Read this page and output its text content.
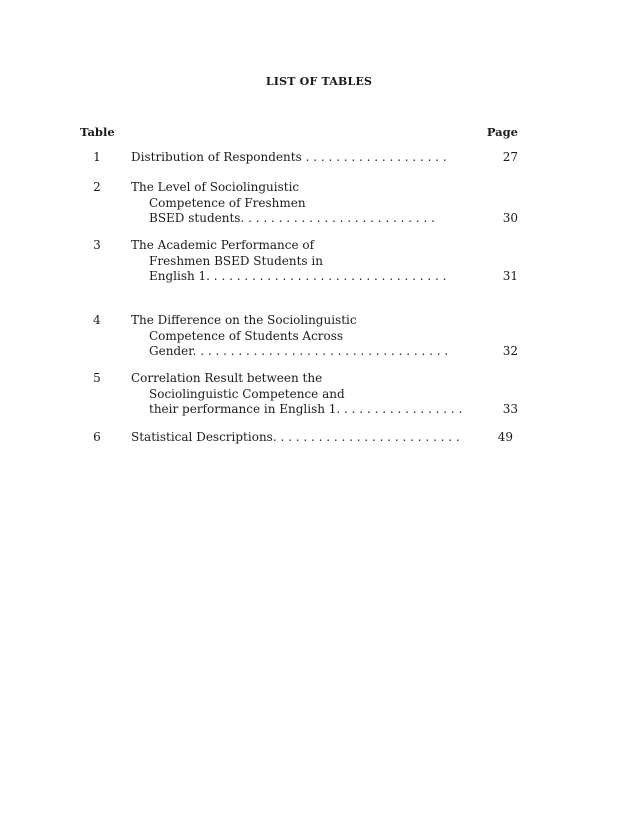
LIST OF TABLES
Table	Page
1	Distribution of Respondents . . . . . . . . . . . . . . . . . . .	27
2	The Level of Sociolinguistic
Competence of Freshmen
BSED students. . . . . . . . . . . . . . . . . . . . . . . . . .	30
3	The Academic Performance of
Freshmen BSED Students in
English 1. . . . . . . . . . . . . . . . . . . . . . . . . . . . . . . .	31
4	The Difference on the Sociolinguistic
Competence of Students Across
Gender. . . . . . . . . . . . . . . . . . . . . . . . . . . . . . . . . .	32
5	Correlation Result between the
Sociolinguistic Competence and
their performance in English 1. . . . . . . . . . . . . . . . .	33
6	Statistical Descriptions. . . . . . . . . . . . . . . . . . . . . . . . .	49
